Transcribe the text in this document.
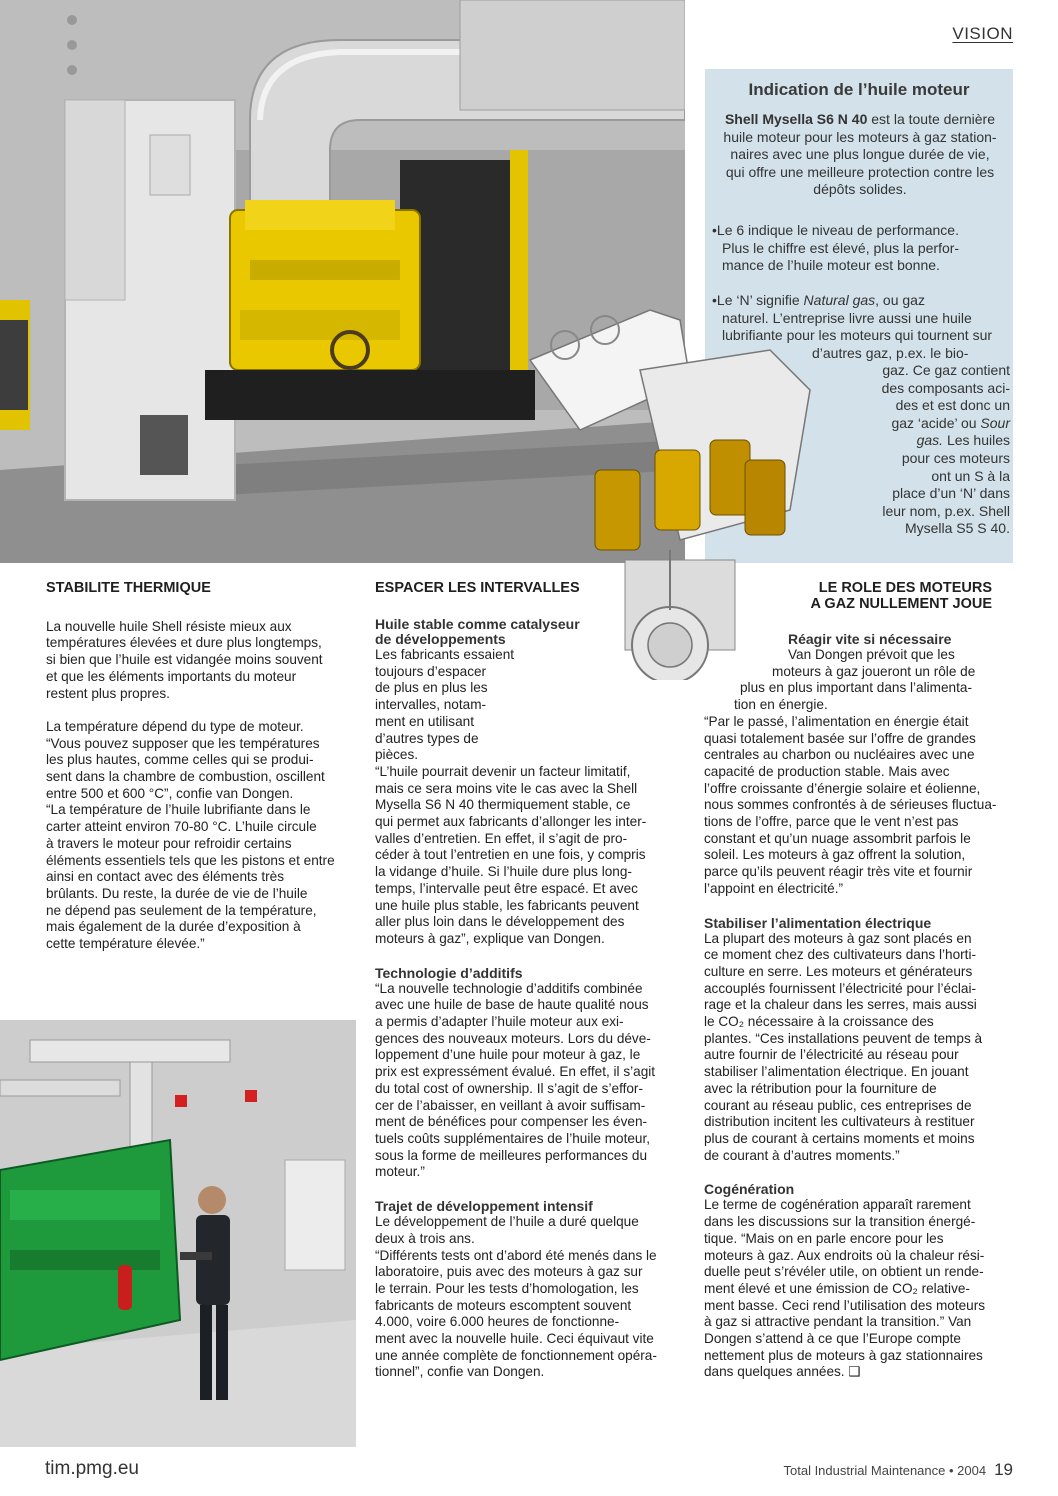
VISION
Indication de l’huile moteur
Shell Mysella S6 N 40 est la toute dernière
huile moteur pour les moteurs à gaz station-
naires avec une plus longue durée de vie,
qui offre une meilleure protection contre les
dépôts solides.
•Le 6 indique le niveau de performance.
Plus le chiffre est élevé, plus la perfor-
mance de l’huile moteur est bonne.
•Le ‘N’ signifie Natural gas, ou gaz
naturel. L’entreprise livre aussi une huile
lubrifiante pour les moteurs qui tournent sur
d’autres gaz, p.ex. le bio-
gaz. Ce gaz contient
des composants aci-
des et est donc un
gaz ‘acide’ ou Sour
gas. Les huiles
pour ces moteurs
ont un S à la
place d’un ‘N’ dans
leur nom, p.ex. Shell
Mysella S5 S 40.
STABILITE THERMIQUE
La nouvelle huile Shell résiste mieux aux
températures élevées et dure plus longtemps,
si bien que l’huile est vidangée moins souvent
et que les éléments importants du moteur
restent plus propres.
La température dépend du type de moteur.
“Vous pouvez supposer que les températures
les plus hautes, comme celles qui se produi-
sent dans la chambre de combustion, oscillent
entre 500 et 600 °C”, confie van Dongen.
“La température de l’huile lubrifiante dans le
carter atteint environ 70-80 °C. L’huile circule
à travers le moteur pour refroidir certains
éléments essentiels tels que les pistons et entre
ainsi en contact avec des éléments très
brûlants. Du reste, la durée de vie de l’huile
ne dépend pas seulement de la température,
mais également de la durée d’exposition à
cette température élevée.”
ESPACER LES INTERVALLES
Huile stable comme catalyseur
de développements
Les fabricants essaient
toujours d’espacer
de plus en plus les
intervalles, notam-
ment en utilisant
d’autres types de
pièces.
“L’huile pourrait devenir un facteur limitatif,
mais ce sera moins vite le cas avec la Shell
Mysella S6 N 40 thermiquement stable, ce
qui permet aux fabricants d’allonger les inter-
valles d’entretien. En effet, il s’agit de pro-
céder à tout l’entretien en une fois, y compris
la vidange d’huile. Si l’huile dure plus long-
temps, l’intervalle peut être espacé. Et avec
une huile plus stable, les fabricants peuvent
aller plus loin dans le développement des
moteurs à gaz”, explique van Dongen.
Technologie d’additifs
“La nouvelle technologie d’additifs combinée
avec une huile de base de haute qualité nous
a permis d’adapter l’huile moteur aux exi-
gences des nouveaux moteurs. Lors du déve-
loppement d’une huile pour moteur à gaz, le
prix est expressément évalué. En effet, il s’agit
du total cost of ownership. Il s’agit de s’effor-
cer de l’abaisser, en veillant à avoir suffisam-
ment de bénéfices pour compenser les éven-
tuels coûts supplémentaires de l’huile moteur,
sous la forme de meilleures performances du
moteur.”
Trajet de développement intensif
Le développement de l’huile a duré quelque
deux à trois ans.
“Différents tests ont d’abord été menés dans le
laboratoire, puis avec des moteurs à gaz sur
le terrain. Pour les tests d’homologation, les
fabricants de moteurs escomptent souvent
4.000, voire 6.000 heures de fonctionne-
ment avec la nouvelle huile. Ceci équivaut vite
une année complète de fonctionnement opéra-
tionnel”, confie van Dongen.
LE ROLE DES MOTEURS
A GAZ NULLEMENT JOUE
Réagir vite si nécessaire
Van Dongen prévoit que les
moteurs à gaz joueront un rôle de
plus en plus important dans l’alimenta-
tion en énergie.
“Par le passé, l’alimentation en énergie était
quasi totalement basée sur l’offre de grandes
centrales au charbon ou nucléaires avec une
capacité de production stable. Mais avec
l’offre croissante d’énergie solaire et éolienne,
nous sommes confrontés à de sérieuses fluctua-
tions de l’offre, parce que le vent n’est pas
constant et qu’un nuage assombrit parfois le
soleil. Les moteurs à gaz offrent la solution,
parce qu’ils peuvent réagir très vite et fournir
l’appoint en électricité.”
Stabiliser l’alimentation électrique
La plupart des moteurs à gaz sont placés en
ce moment chez des cultivateurs dans l’horti-
culture en serre. Les moteurs et générateurs
accouplés fournissent l’électricité pour l’éclai-
rage et la chaleur dans les serres, mais aussi
le CO₂ nécessaire à la croissance des
plantes. “Ces installations peuvent de temps à
autre fournir de l’électricité au réseau pour
stabiliser l’alimentation électrique. En jouant
avec la rétribution pour la fourniture de
courant au réseau public, ces entreprises de
distribution incitent les cultivateurs à restituer
plus de courant à certains moments et moins
de courant à d’autres moments.”
Cogénération
Le terme de cogénération apparaît rarement
dans les discussions sur la transition énergé-
tique. “Mais on en parle encore pour les
moteurs à gaz. Aux endroits où la chaleur rési-
duelle peut s’révéler utile, on obtient un rende-
ment élevé et une émission de CO₂ relative-
ment basse. Ceci rend l’utilisation des moteurs
à gaz si attractive pendant la transition.” Van
Dongen s’attend à ce que l’Europe compte
nettement plus de moteurs à gaz stationnaires
dans quelques années. ❑
tim.pmg.eu	Total Industrial Maintenance • 2004 19
